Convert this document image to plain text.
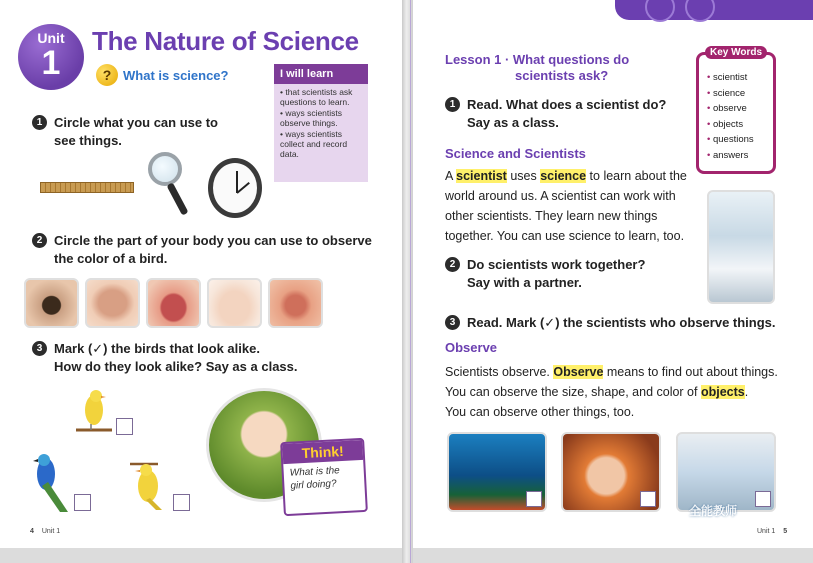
Unit
1
The Nature of Science
? What is science?	I will learn
• that scientists ask questions to learn.
• ways scientists observe things.
• ways scientists collect and record data.
1 Circle what you can use to
see things.
2 Circle the part of your body you can use to observe
the color of a bird.
3 Mark (✓) the birds that look alike.
How do they look alike? Say as a class.
Think!
What is the
girl doing?
4 Unit 1
Lesson 1 · What questions do
scientists ask?
Key Words
• scientist
• science
• observe
• objects
• questions
• answers
1 Read. What does a scientist do?
Say as a class.
Science and Scientists
A scientist uses science to learn about the
world around us. A scientist can work with
other scientists. They learn new things
together. You can use science to learn, too.
2 Do scientists work together?
Say with a partner.
3 Read. Mark (✓) the scientists who observe things.
Observe
Scientists observe. Observe means to find out about things.
You can observe the size, shape, and color of objects.
You can observe other things, too.
全能教师
Unit 1 5
